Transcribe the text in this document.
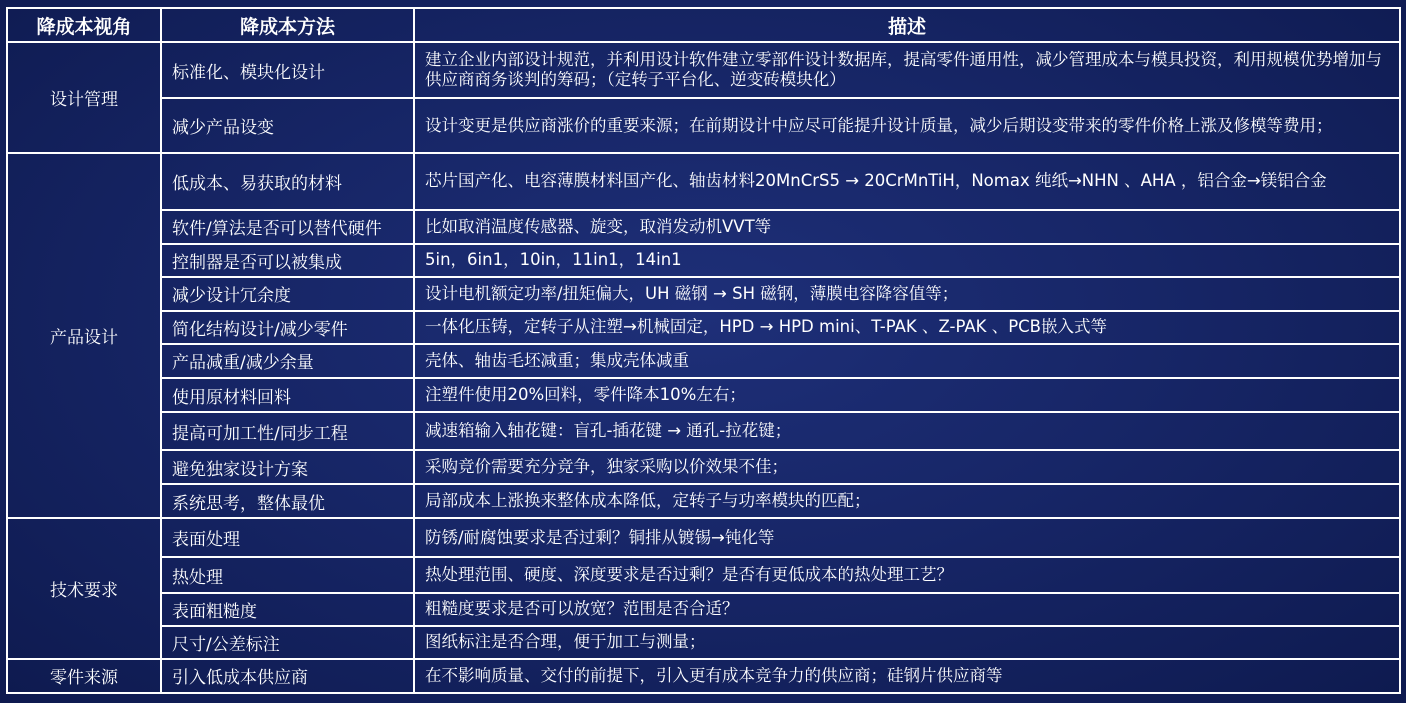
降成本视角	降成本方法	描述
设计管理	标准化、模块化设计	建立企业内部设计规范，并利用设计软件建立零部件设计数据库，提高零件通用性，减少管理成本与模具投资，利用规模优势增加与供应商商务谈判的筹码；（定转子平台化、逆变砖模块化）
	减少产品设变	设计变更是供应商涨价的重要来源；在前期设计中应尽可能提升设计质量，减少后期设变带来的零件价格上涨及修模等费用；
产品设计	低成本、易获取的材料	芯片国产化、电容薄膜材料国产化、轴齿材料20MnCrS5 → 20CrMnTiH，Nomax 纯纸→NHN 、AHA ，铝合金→镁铝合金
	软件/算法是否可以替代硬件	比如取消温度传感器、旋变，取消发动机VVT等
	控制器是否可以被集成	5in，6in1，10in，11in1，14in1
	减少设计冗余度	设计电机额定功率/扭矩偏大，UH 磁钢 → SH 磁钢，薄膜电容降容值等；
	简化结构设计/减少零件	一体化压铸，定转子从注塑→机械固定，HPD → HPD mini、T-PAK 、Z-PAK 、PCB嵌入式等
	产品减重/减少余量	壳体、轴齿毛坯减重；集成壳体减重
	使用原材料回料	注塑件使用20%回料，零件降本10%左右；
	提高可加工性/同步工程	减速箱输入轴花键：盲孔-插花键 → 通孔-拉花键；
	避免独家设计方案	采购竞价需要充分竞争，独家采购以价效果不佳；
	系统思考，整体最优	局部成本上涨换来整体成本降低，定转子与功率模块的匹配；
技术要求	表面处理	防锈/耐腐蚀要求是否过剩？铜排从镀锡→钝化等
	热处理	热处理范围、硬度、深度要求是否过剩？是否有更低成本的热处理工艺？
	表面粗糙度	粗糙度要求是否可以放宽？范围是否合适？
	尺寸/公差标注	图纸标注是否合理，便于加工与测量；
零件来源	引入低成本供应商	在不影响质量、交付的前提下，引入更有成本竞争力的供应商；硅钢片供应商等
